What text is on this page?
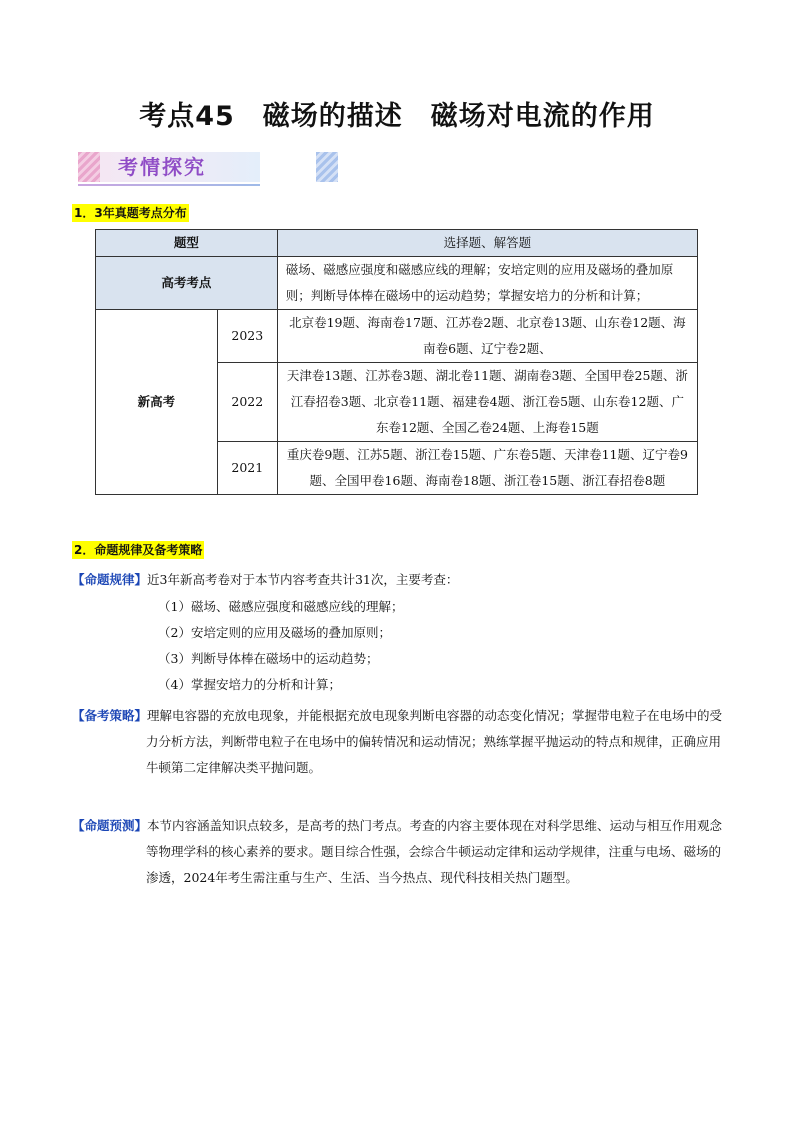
考点45　磁场的描述　磁场对电流的作用
考情探究
1．3年真题考点分布
题型		选择题、解答题
高考考点		磁场、磁感应强度和磁感应线的理解；安培定则的应用及磁场的叠加原则；判断导体棒在磁场中的运动趋势；掌握安培力的分析和计算；
新高考	2023	北京卷19题、海南卷17题、江苏卷2题、北京卷13题、山东卷12题、海南卷6题、辽宁卷2题、
	2022	天津卷13题、江苏卷3题、湖北卷11题、湖南卷3题、全国甲卷25题、浙江春招卷3题、北京卷11题、福建卷4题、浙江卷5题、山东卷12题、广东卷12题、全国乙卷24题、上海卷15题
	2021	重庆卷9题、江苏5题、浙江卷15题、广东卷5题、天津卷11题、辽宁卷9题、全国甲卷16题、海南卷18题、浙江卷15题、浙江春招卷8题
2．命题规律及备考策略
【命题规律】近3年新高考卷对于本节内容考查共计31次，主要考查：
（1）磁场、磁感应强度和磁感应线的理解；
（2）安培定则的应用及磁场的叠加原则；
（3）判断导体棒在磁场中的运动趋势；
（4）掌握安培力的分析和计算；
【备考策略】理解电容器的充放电现象，并能根据充放电现象判断电容器的动态变化情况；掌握带电粒子在电场中的受力分析方法，判断带电粒子在电场中的偏转情况和运动情况；熟练掌握平抛运动的特点和规律，正确应用牛顿第二定律解决类平抛问题。
【命题预测】本节内容涵盖知识点较多，是高考的热门考点。考查的内容主要体现在对科学思维、运动与相互作用观念等物理学科的核心素养的要求。题目综合性强，会综合牛顿运动定律和运动学规律，注重与电场、磁场的渗透，2024年考生需注重与生产、生活、当今热点、现代科技相关热门题型。
